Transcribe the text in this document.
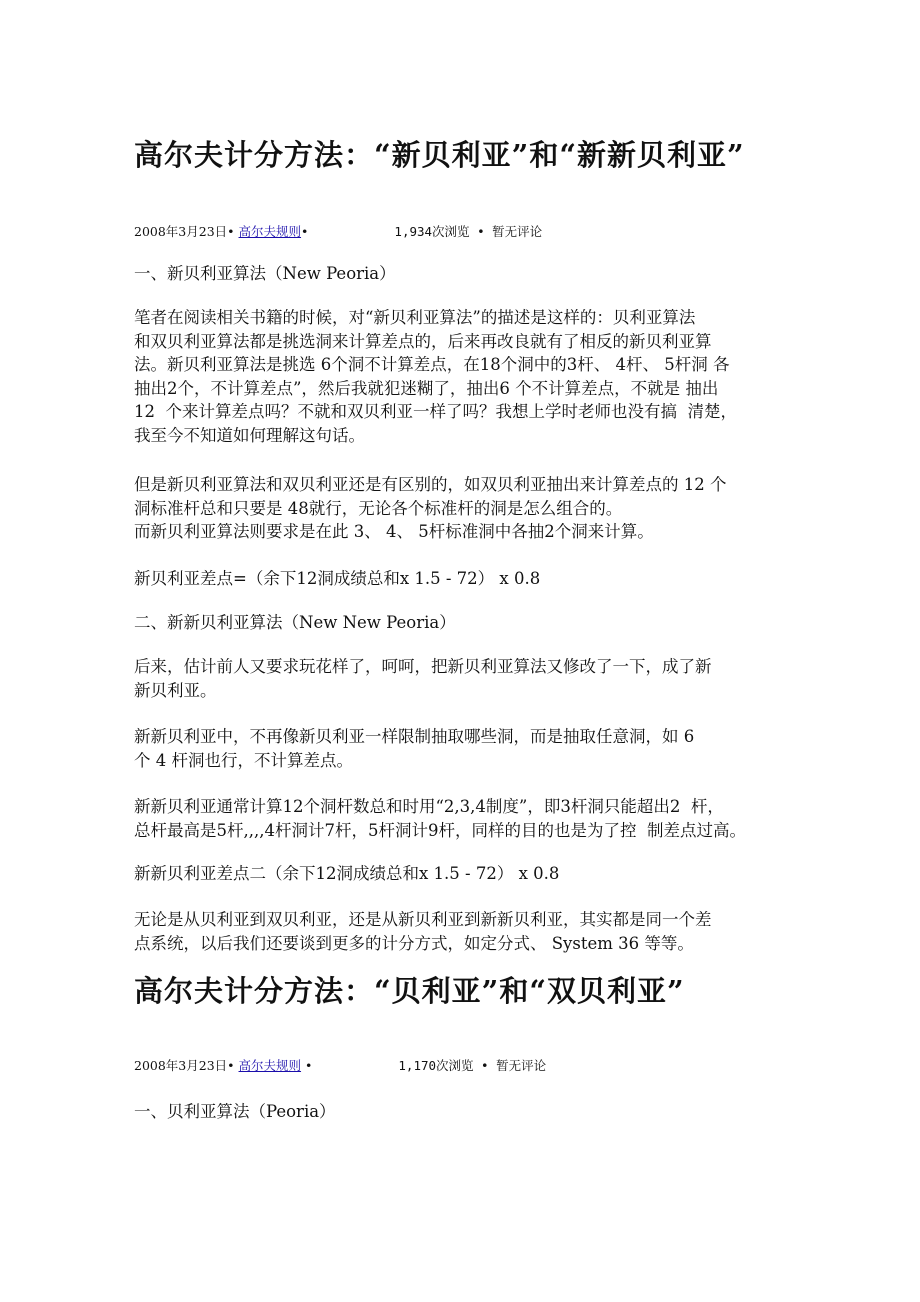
高尔夫计分方法：“新贝利亚”和“新新贝利亚”
2008年3月23日• 高尔夫规则•	1,934次浏览 • 暂无评论
一、新贝利亚算法（New Peoria）
笔者在阅读相关书籍的时候，对“新贝利亚算法”的描述是这样的：贝利亚算法
和双贝利亚算法都是挑选洞来计算差点的，后来再改良就有了相反的新贝利亚算
法。新贝利亚算法是挑选 6个洞不计算差点，在18个洞中的3杆、 4杆、 5杆洞 各
抽出2个，不计算差点”，然后我就犯迷糊了，抽出6 个不计算差点，不就是 抽出
12  个来计算差点吗？不就和双贝利亚一样了吗？我想上学时老师也没有搞  清楚，
我至今不知道如何理解这句话。
但是新贝利亚算法和双贝利亚还是有区别的，如双贝利亚抽出来计算差点的 12 个
洞标准杆总和只要是 48就行，无论各个标准杆的洞是怎么组合的。
而新贝利亚算法则要求是在此 3、 4、 5杆标准洞中各抽2个洞来计算。
新贝利亚差点=（余下12洞成绩总和x 1.5 - 72） x 0.8
二、新新贝利亚算法（New New Peoria）
后来，估计前人又要求玩花样了，呵呵，把新贝利亚算法又修改了一下，成了新
新贝利亚。
新新贝利亚中，不再像新贝利亚一样限制抽取哪些洞，而是抽取任意洞，如 6
个 4 杆洞也行，不计算差点。
新新贝利亚通常计算12个洞杆数总和时用“2,3,4制度”，即3杆洞只能超出2  杆，
总杆最高是5杆,,,,4杆洞计7杆，5杆洞计9杆，同样的目的也是为了控  制差点过高。
新新贝利亚差点二（余下12洞成绩总和x 1.5 - 72） x 0.8
无论是从贝利亚到双贝利亚，还是从新贝利亚到新新贝利亚，其实都是同一个差
点系统，以后我们还要谈到更多的计分方式，如定分式、 System 36 等等。
高尔夫计分方法：“贝利亚”和“双贝利亚”
2008年3月23日• 高尔夫规则 •	1,170次浏览 • 暂无评论
一、贝利亚算法（Peoria）
